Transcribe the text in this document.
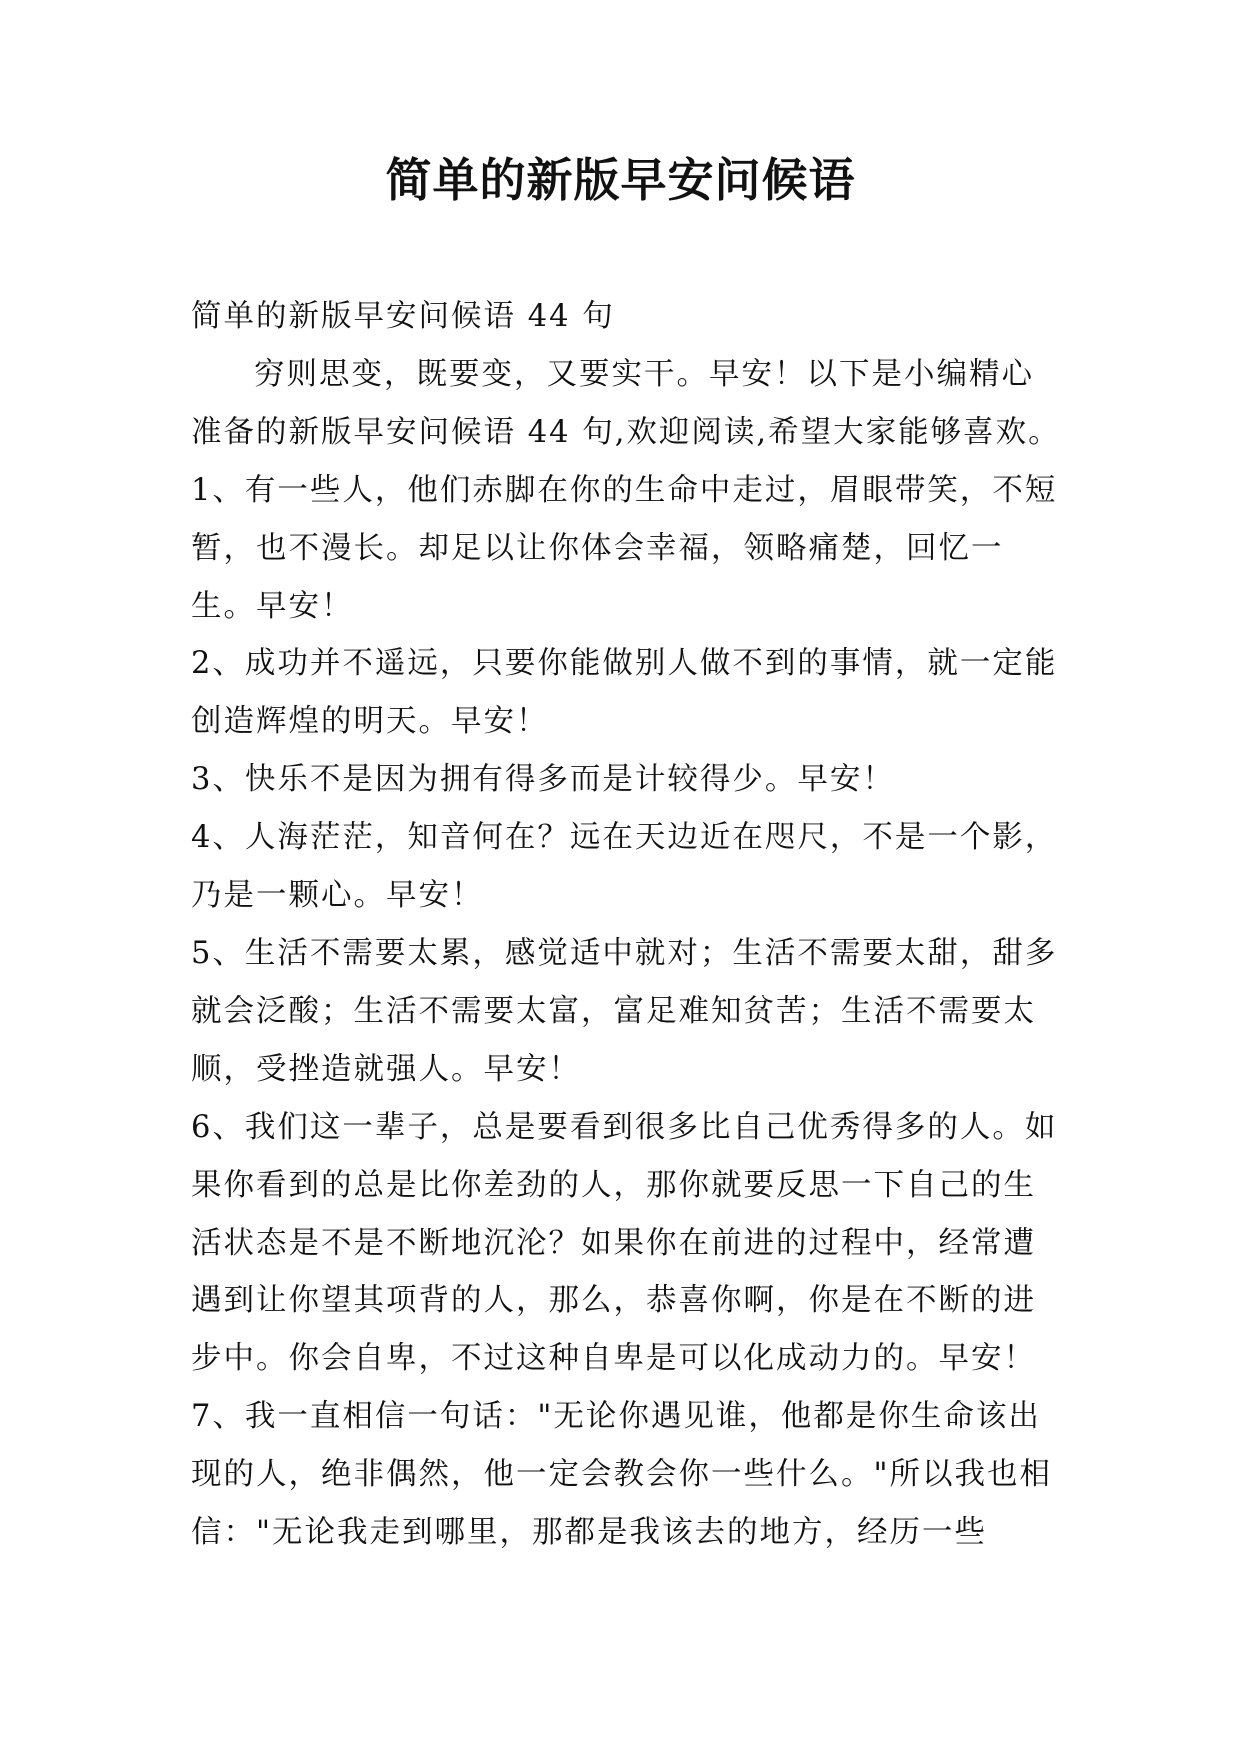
简单的新版早安问候语

简单的新版早安问候语 44 句

穷则思变，既要变，又要实干。早安！以下是小编精心准备的新版早安问候语 44 句,欢迎阅读,希望大家能够喜欢。

1、有一些人，他们赤脚在你的生命中走过，眉眼带笑，不短暂，也不漫长。却足以让你体会幸福，领略痛楚，回忆一生。早安！

2、成功并不遥远，只要你能做别人做不到的事情，就一定能创造辉煌的明天。早安！

3、快乐不是因为拥有得多而是计较得少。早安！

4、人海茫茫，知音何在？远在天边近在咫尺，不是一个影，乃是一颗心。早安！

5、生活不需要太累，感觉适中就对；生活不需要太甜，甜多就会泛酸；生活不需要太富，富足难知贫苦；生活不需要太顺，受挫造就强人。早安！

6、我们这一辈子，总是要看到很多比自己优秀得多的人。如果你看到的总是比你差劲的人，那你就要反思一下自己的生活状态是不是不断地沉沦？如果你在前进的过程中，经常遭遇到让你望其项背的人，那么，恭喜你啊，你是在不断的进步中。你会自卑，不过这种自卑是可以化成动力的。早安！

7、我一直相信一句话："无论你遇见谁，他都是你生命该出现的人，绝非偶然，他一定会教会你一些什么。"所以我也相信："无论我走到哪里，那都是我该去的地方，经历一些
